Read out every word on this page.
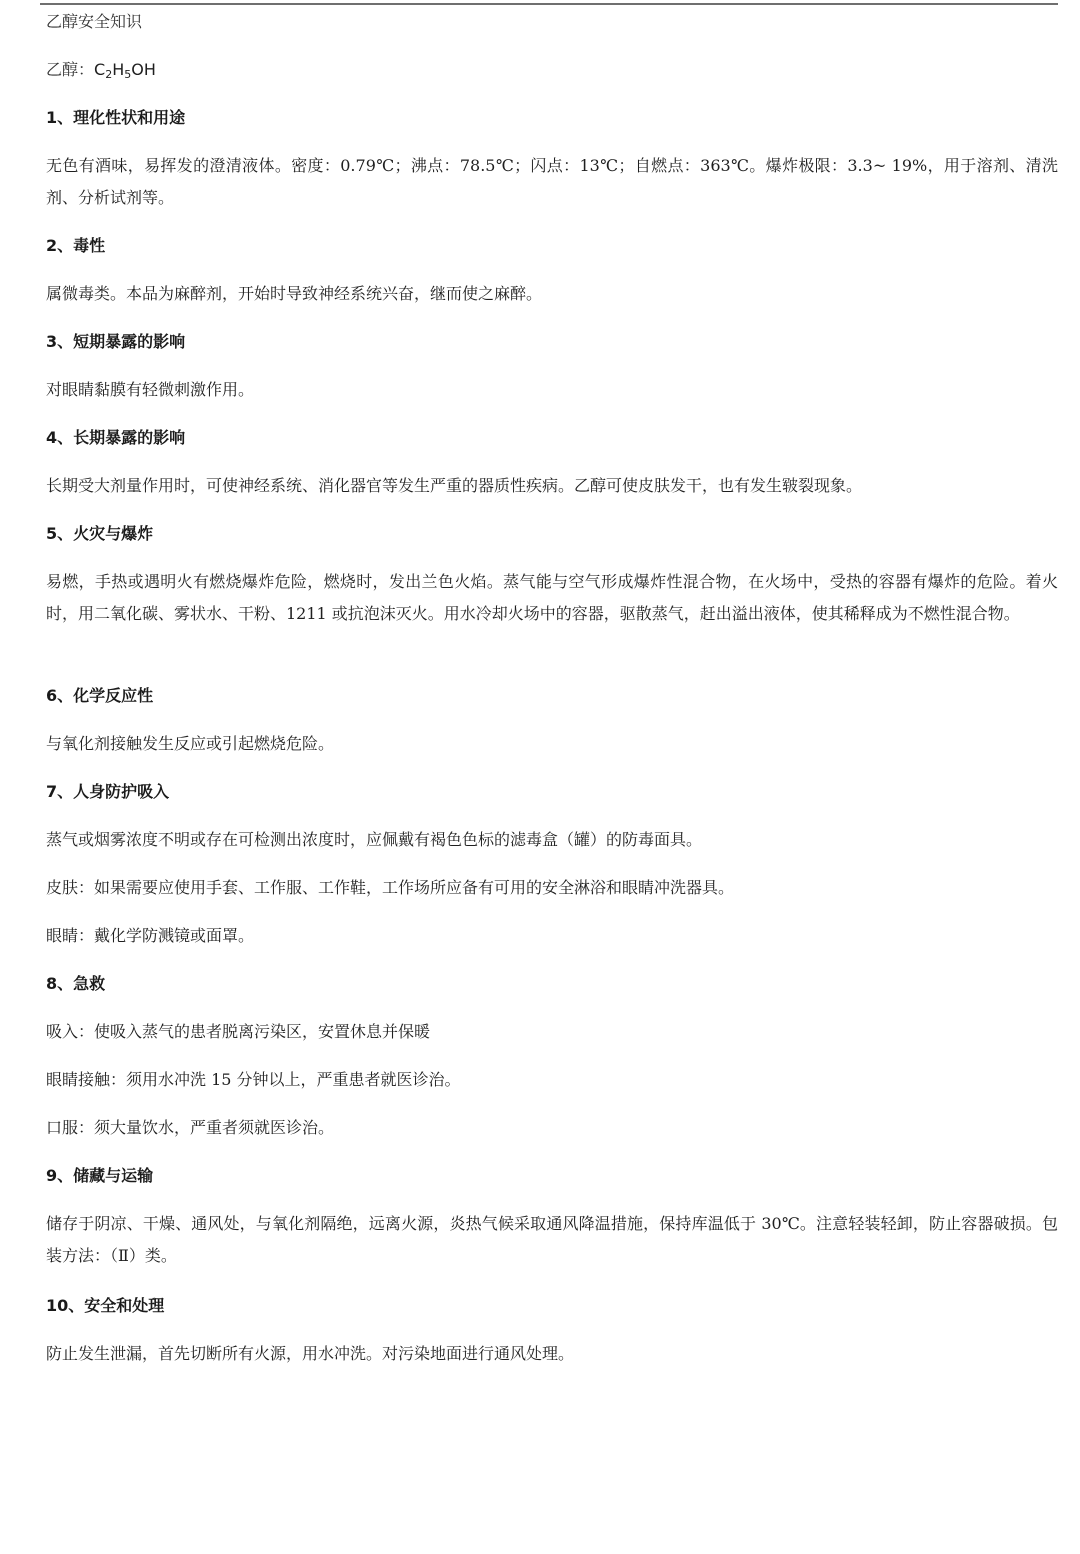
乙醇安全知识
乙醇：$C_2H_5OH$
1、理化性状和用途
无色有酒味，易挥发的澄清液体。密度：0.79℃；沸点：78.5℃；闪点：13℃；自燃点：363℃。爆炸极限：3.3~ 19%，用于溶剂、清洗剂、分析试剂等。
2、毒性
属微毒类。本品为麻醉剂，开始时导致神经系统兴奋，继而使之麻醉。
3、短期暴露的影响
对眼睛黏膜有轻微刺激作用。
4、长期暴露的影响
长期受大剂量作用时，可使神经系统、消化器官等发生严重的器质性疾病。乙醇可使皮肤发干，也有发生皲裂现象。
5、火灾与爆炸
易燃，手热或遇明火有燃烧爆炸危险，燃烧时，发出兰色火焰。蒸气能与空气形成爆炸性混合物，在火场中，受热的容器有爆炸的危险。着火时，用二氧化碳、雾状水、干粉、1211 或抗泡沫灭火。用水冷却火场中的容器，驱散蒸气，赶出溢出液体，使其稀释成为不燃性混合物。
6、化学反应性
与氧化剂接触发生反应或引起燃烧危险。
7、人身防护吸入
蒸气或烟雾浓度不明或存在可检测出浓度时，应佩戴有褐色色标的滤毒盒（罐）的防毒面具。
皮肤：如果需要应使用手套、工作服、工作鞋，工作场所应备有可用的安全淋浴和眼睛冲洗器具。
眼睛：戴化学防溅镜或面罩。
8、急救
吸入：使吸入蒸气的患者脱离污染区，安置休息并保暖
眼睛接触：须用水冲洗 15 分钟以上，严重患者就医诊治。
口服：须大量饮水，严重者须就医诊治。
9、储藏与运输
储存于阴凉、干燥、通风处，与氧化剂隔绝，远离火源，炎热气候采取通风降温措施，保持库温低于 30℃。注意轻装轻卸，防止容器破损。包装方法：（Ⅱ）类。
10、安全和处理
防止发生泄漏，首先切断所有火源，用水冲洗。对污染地面进行通风处理。
